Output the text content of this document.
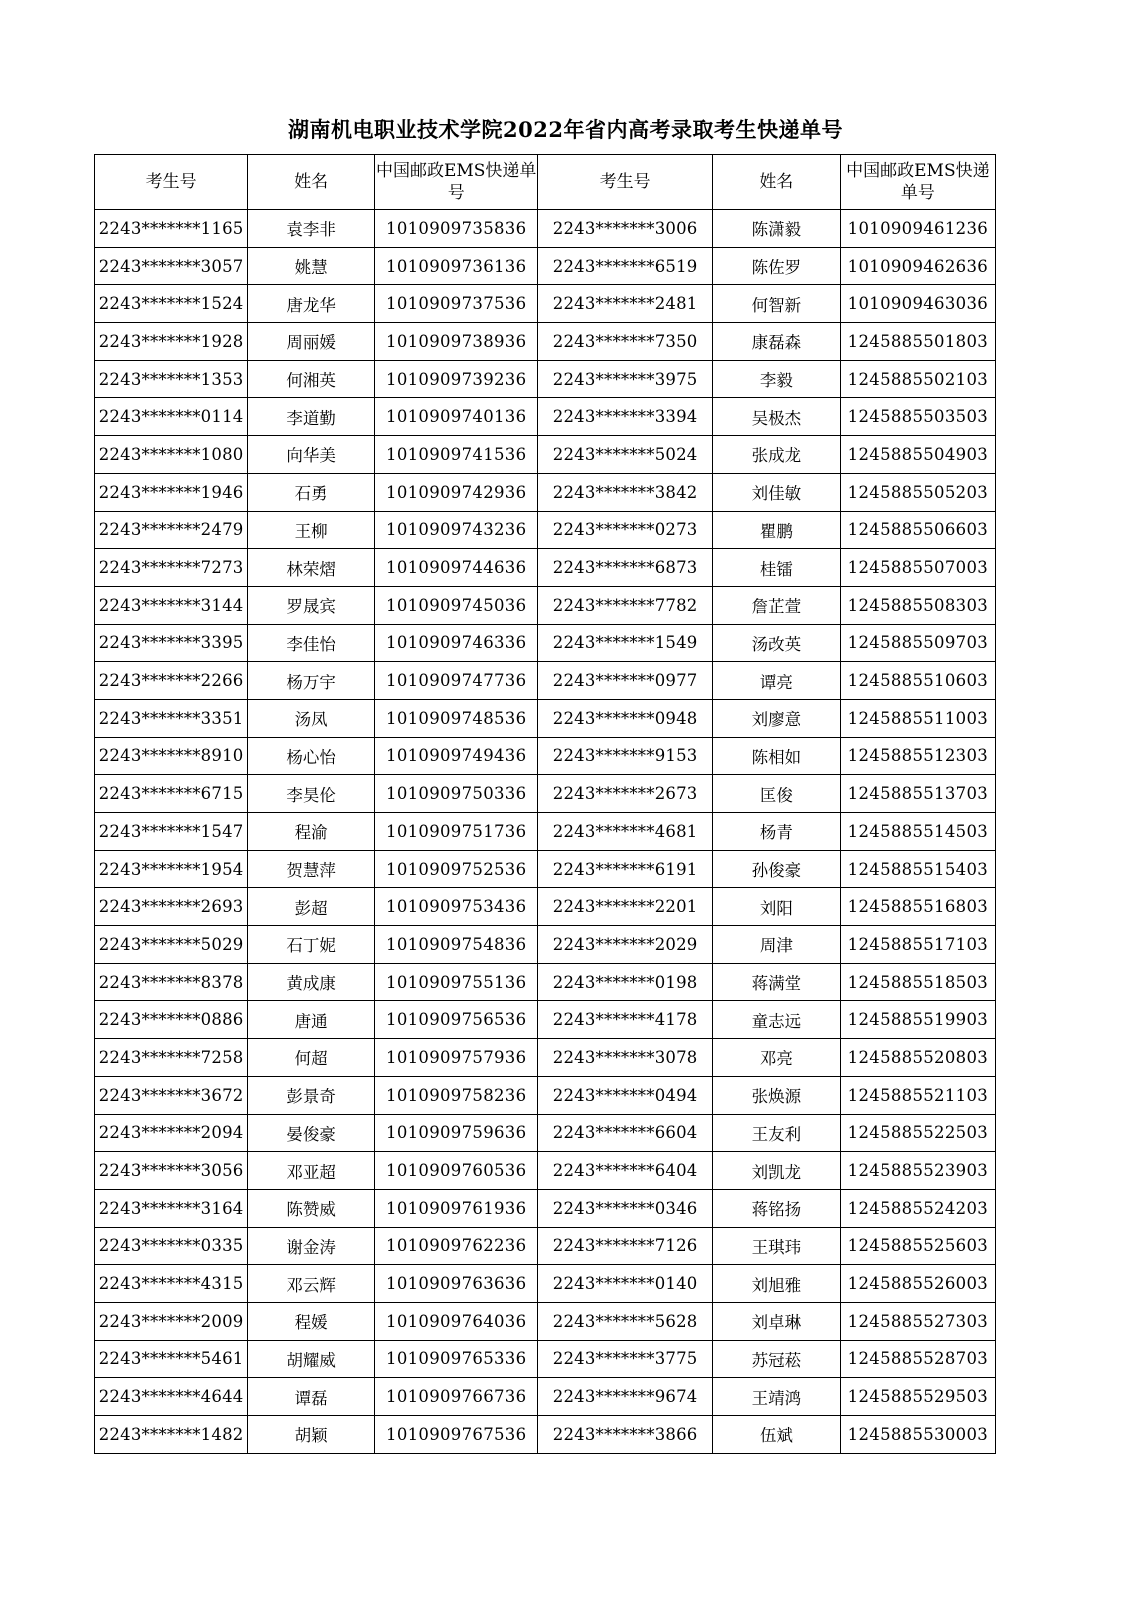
湖南机电职业技术学院2022年省内高考录取考生快递单号
考生号	姓名	中国邮政EMS快递单号	考生号	姓名	中国邮政EMS快递单号
2243*******1165	袁李非	1010909735836	2243*******3006	陈潇毅	1010909461236
2243*******3057	姚慧	1010909736136	2243*******6519	陈佐罗	1010909462636
2243*******1524	唐龙华	1010909737536	2243*******2481	何智新	1010909463036
2243*******1928	周丽媛	1010909738936	2243*******7350	康磊森	1245885501803
2243*******1353	何湘英	1010909739236	2243*******3975	李毅	1245885502103
2243*******0114	李道勤	1010909740136	2243*******3394	吴极杰	1245885503503
2243*******1080	向华美	1010909741536	2243*******5024	张成龙	1245885504903
2243*******1946	石勇	1010909742936	2243*******3842	刘佳敏	1245885505203
2243*******2479	王柳	1010909743236	2243*******0273	瞿鹏	1245885506603
2243*******7273	林荣熠	1010909744636	2243*******6873	桂镭	1245885507003
2243*******3144	罗晟宾	1010909745036	2243*******7782	詹芷萱	1245885508303
2243*******3395	李佳怡	1010909746336	2243*******1549	汤改英	1245885509703
2243*******2266	杨万宇	1010909747736	2243*******0977	谭亮	1245885510603
2243*******3351	汤凤	1010909748536	2243*******0948	刘廖意	1245885511003
2243*******8910	杨心怡	1010909749436	2243*******9153	陈相如	1245885512303
2243*******6715	李昊伦	1010909750336	2243*******2673	匡俊	1245885513703
2243*******1547	程渝	1010909751736	2243*******4681	杨青	1245885514503
2243*******1954	贺慧萍	1010909752536	2243*******6191	孙俊豪	1245885515403
2243*******2693	彭超	1010909753436	2243*******2201	刘阳	1245885516803
2243*******5029	石丁妮	1010909754836	2243*******2029	周津	1245885517103
2243*******8378	黄成康	1010909755136	2243*******0198	蒋满堂	1245885518503
2243*******0886	唐通	1010909756536	2243*******4178	童志远	1245885519903
2243*******7258	何超	1010909757936	2243*******3078	邓亮	1245885520803
2243*******3672	彭景奇	1010909758236	2243*******0494	张焕源	1245885521103
2243*******2094	晏俊豪	1010909759636	2243*******6604	王友利	1245885522503
2243*******3056	邓亚超	1010909760536	2243*******6404	刘凯龙	1245885523903
2243*******3164	陈赞威	1010909761936	2243*******0346	蒋铭扬	1245885524203
2243*******0335	谢金涛	1010909762236	2243*******7126	王琪玮	1245885525603
2243*******4315	邓云辉	1010909763636	2243*******0140	刘旭雅	1245885526003
2243*******2009	程媛	1010909764036	2243*******5628	刘卓琳	1245885527303
2243*******5461	胡耀威	1010909765336	2243*******3775	苏冠菘	1245885528703
2243*******4644	谭磊	1010909766736	2243*******9674	王靖鸿	1245885529503
2243*******1482	胡颖	1010909767536	2243*******3866	伍斌	1245885530003
